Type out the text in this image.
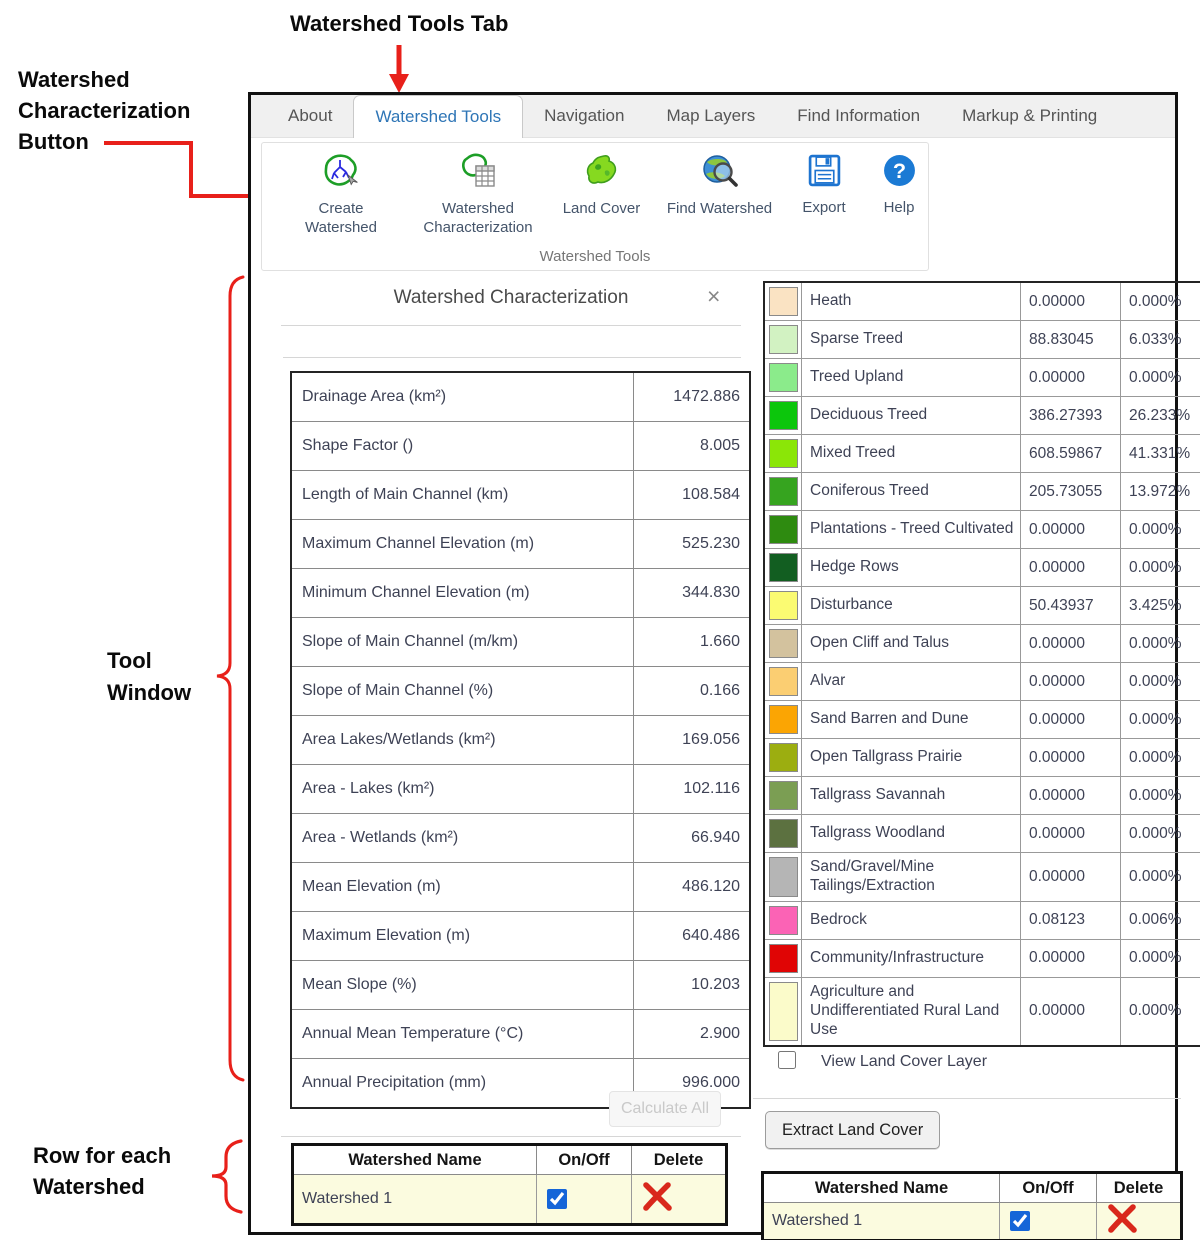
Watershed Tools Tab
Watershed
Characterization
Button
Tool
Window
Row for each
Watershed
About	Watershed Tools	Navigation	Map Layers	Find Information	Markup & Printing
Create Watershed
Watershed Characterization
Land Cover Find Watershed Export
?
Help
Watershed Tools
Watershed Characterization	×
Drainage Area (km²)	1472.886
Shape Factor ()	8.005
Length of Main Channel (km)	108.584
Maximum Channel Elevation (m)	525.230
Minimum Channel Elevation (m)	344.830
Slope of Main Channel (m/km)	1.660
Slope of Main Channel (%)	0.166
Area Lakes/Wetlands (km²)	169.056
Area - Lakes (km²)	102.116
Area - Wetlands (km²)	66.940
Mean Elevation (m)	486.120
Maximum Elevation (m)	640.486
Mean Slope (%)	10.203
Annual Mean Temperature (°C)	2.900
Annual Precipitation (mm)	996.000
Calculate All
Watershed Name	On/Off	Delete
Watershed 1		
	Heath	0.00000	0.000%

	Sparse Treed	88.83045	6.033%

	Treed Upland	0.00000	0.000%

	Deciduous Treed	386.27393	26.233%

	Mixed Treed	608.59867	41.331%

	Coniferous Treed	205.73055	13.972%

	Plantations - Treed Cultivated	0.00000	0.000%

	Hedge Rows	0.00000	0.000%

	Disturbance	50.43937	3.425%

	Open Cliff and Talus	0.00000	0.000%

	Alvar	0.00000	0.000%

	Sand Barren and Dune	0.00000	0.000%

	Open Tallgrass Prairie	0.00000	0.000%

	Tallgrass Savannah	0.00000	0.000%

	Tallgrass Woodland	0.00000	0.000%

	Sand/Gravel/Mine Tailings/Extraction	0.00000	0.000%

	Bedrock	0.08123	0.006%

	Community/Infrastructure	0.00000	0.000%

	Agriculture and Undifferentiated Rural Land Use	0.00000	0.000%
View Land Cover Layer
Extract Land Cover
Watershed Name	On/Off	Delete
Watershed 1		
